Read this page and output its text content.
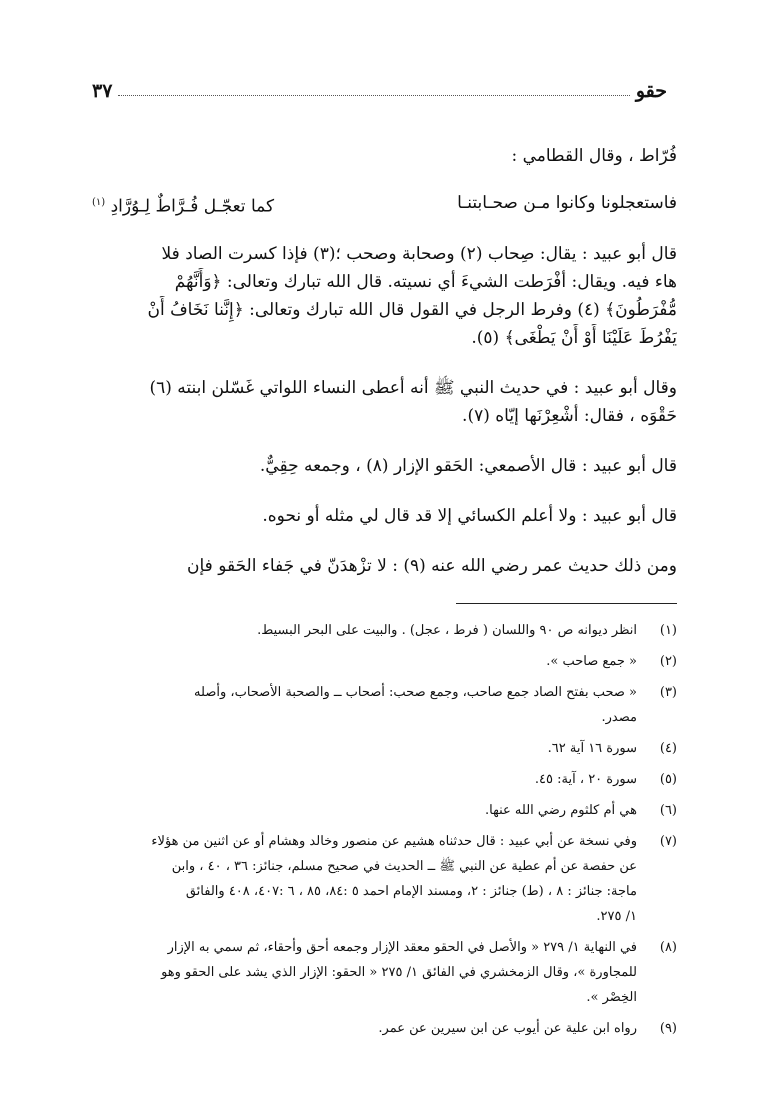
٣٧	حقو

فُرّاط ، وقال القطامي :

فاستعجلونا وكانوا مـن صحـابتنـا
كما تعجّـل فُـرَّاطٌ لِـوُرَّادِ $^{(١)}$
قال أبو عبيد : يقال: صِحاب (٢) وصحابة وصحب ؛(٣) فإذا كسرت الصاد فلا
هاء فيه. ويقال: أفْرَطت الشيءَ أي نسيته. قال الله تبارك وتعالى: ﴿وَأَنَّهُمْ
مُّفْرَطُونَ﴾ (٤) وفرط الرجل في القول قال الله تبارك وتعالى: ﴿إِنَّنا نَخَافُ أَنْ
يَفْرُطَ عَلَيْنَا أَوْ أَنْ يَطْغَى﴾ (٥).
وقال أبو عبيد : في حديث النبي ﷺ أنه أعطى النساء اللواتي غَسّلن ابنته (٦)
حَقْوَه ، فقال: أشْعِرْنَها إيّاه (٧).
قال أبو عبيد : قال الأصمعي: الحَقو الإزار (٨) ، وجمعه حِقِيٌّ.
قال أبو عبيد : ولا أعلم الكسائي إلا قد قال لي مثله أو نحوه.
ومن ذلك حديث عمر رضي الله عنه (٩) : لا تزْهدَنّ في جَفاء الحَقو فإن
(١)
انظر ديوانه ص ٩٠ واللسان ( فرط ، عجل) . والبيت على البحر البسيط.
(٢)
« جمع صاحب ».
(٣)
« صحب بفتح الصاد جمع صاحب، وجمع صحب: أصحاب ــ والصحبة الأصحاب، وأصله
مصدر.
(٤)
سورة ١٦ آية ٦٢.
(٥)
سورة ٢٠ ، آية: ٤٥.
(٦)
هي أم كلثوم رضي الله عنها.
(٧)
وفي نسخة عن أبي عبيد : قال حدثناه هشيم عن منصور وخالد وهشام أو عن اثنين من هؤلاء
عن حفصة عن أم عطية عن النبي ﷺ ــ الحديث في صحيح مسلم، جنائز: ٣٦ ، ٤٠ ، وابن
ماجة: جنائز : ٨ ، (ط) جنائز : ٢، ومسند الإمام احمد ٥ :٨٤، ٨٥ ، ٦ :٤٠٧، ٤٠٨ والفائق
١/ ٢٧٥.
(٨)
في النهاية ١/ ٢٧٩ « والأصل في الحقو معقد الإزار وجمعه أحق وأحقاء، ثم سمي به الإزار
للمجاورة »، وقال الزمخشري في الفائق ١/ ٢٧٥ « الحقو: الإزار الذي يشد على الحقو وهو
الخِصْر ».
(٩)
رواه ابن علية عن أيوب عن ابن سيرين عن عمر.
